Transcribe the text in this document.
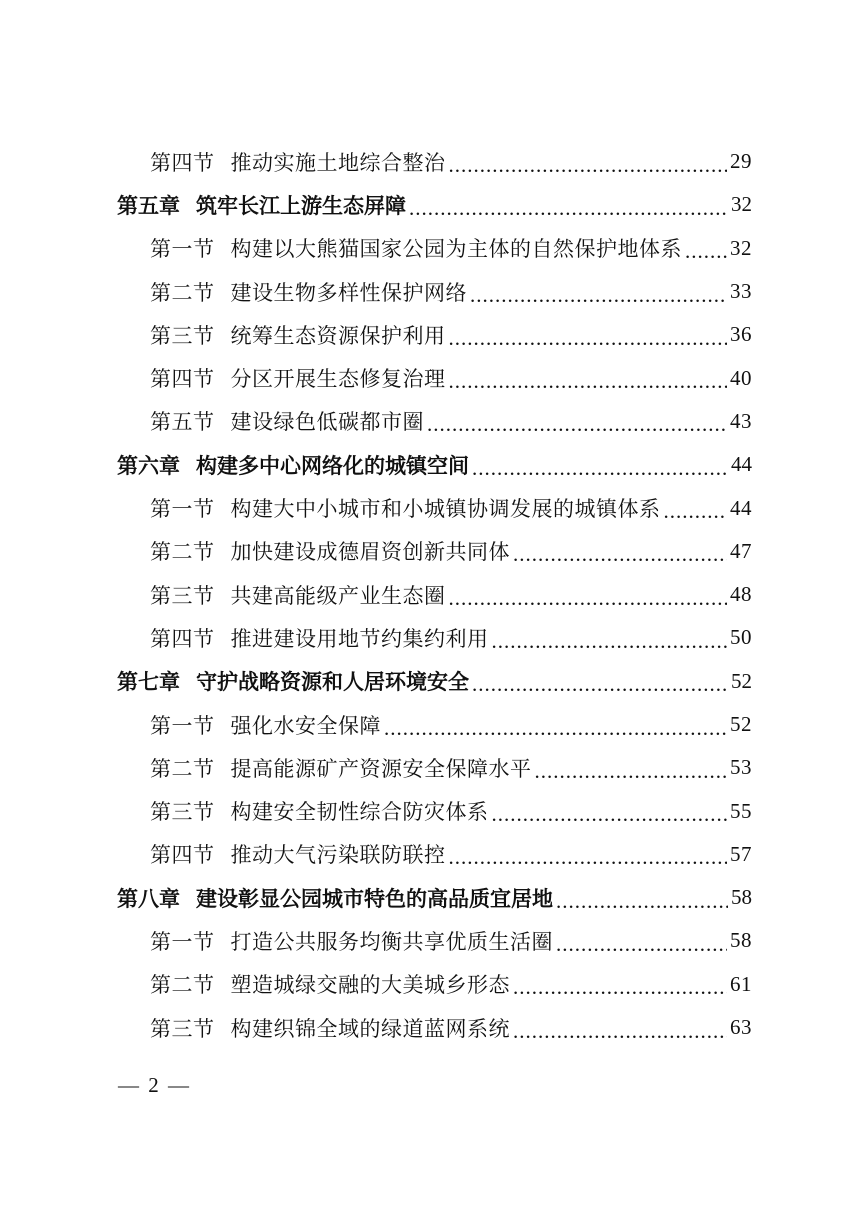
第四节 推动实施土地综合整治 .....	29
第五章 筑牢长江上游生态屏障 .....	32
第一节 构建以大熊猫国家公园为主体的自然保护地体系 ..... 32
第二节 建设生物多样性保护网络 .....	33
第三节 统筹生态资源保护利用 .....	36
第四节 分区开展生态修复治理 .....	40
第五节 建设绿色低碳都市圈 .....	43
第六章 构建多中心网络化的城镇空间 .....	44
第一节 构建大中小城市和小城镇协调发展的城镇体系 .....	44
第二节 加快建设成德眉资创新共同体 .....	47
第三节 共建高能级产业生态圈 .....	48
第四节 推进建设用地节约集约利用 .....	50
第七章 守护战略资源和人居环境安全 .....	52
第一节 强化水安全保障 .....	52
第二节 提高能源矿产资源安全保障水平 .....	53
第三节 构建安全韧性综合防灾体系 .....	55
第四节 推动大气污染联防联控 .....	57
第八章 建设彰显公园城市特色的高品质宜居地 .....	58
第一节 打造公共服务均衡共享优质生活圈 .....	58
第二节 塑造城绿交融的大美城乡形态 .....	61
第三节 构建织锦全域的绿道蓝网系统 .....	63
— 2 —
